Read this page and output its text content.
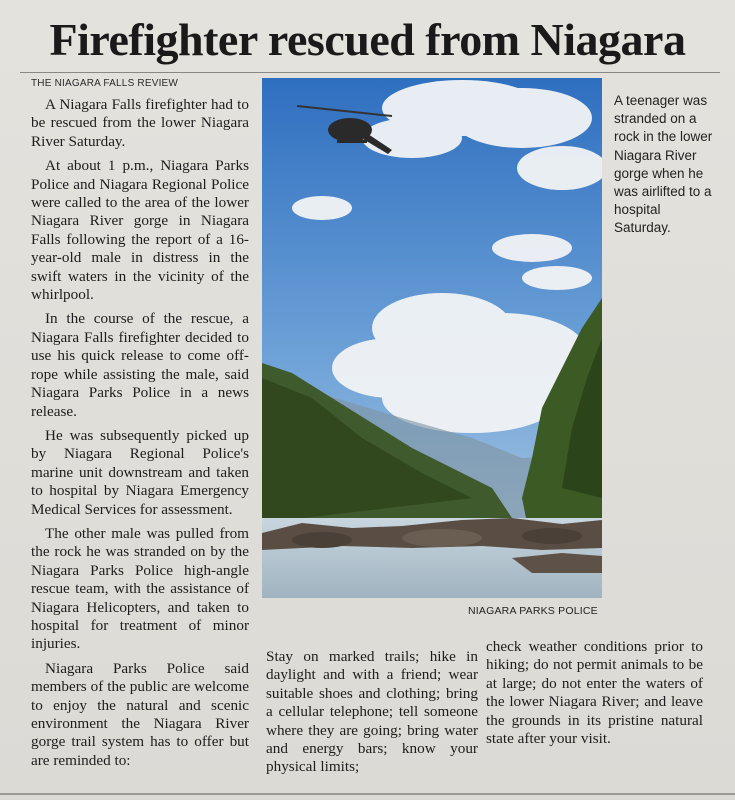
Firefighter rescued from Niagara
THE NIAGARA FALLS REVIEW

A Niagara Falls firefighter had to be rescued from the lower Niagara River Saturday.

At about 1 p.m., Niagara Parks Police and Niagara Regional Police were called to the area of the lower Niagara River gorge in Niagara Falls following the report of a 16-year-old male in distress in the swift waters in the vicinity of the whirlpool.

In the course of the rescue, a Niagara Falls firefighter decided to use his quick release to come off-rope while assisting the male, said Niagara Parks Police in a news release.

He was subsequently picked up by Niagara Regional Police's marine unit downstream and taken to hospital by Niagara Emergency Medical Services for assessment.

The other male was pulled from the rock he was stranded on by the Niagara Parks Police high-angle rescue team, with the assistance of Niagara Helicopters, and taken to hospital for treatment of minor injuries.

Niagara Parks Police said members of the public are welcome to enjoy the natural and scenic environment the Niagara River gorge trail system has to offer but are reminded to:

A teenager was stranded on a rock in the lower Niagara River gorge when he was airlifted to a hospital Saturday.
NIAGARA PARKS POLICE

Stay on marked trails; hike in daylight and with a friend; wear suitable shoes and clothing; bring a cellular telephone; tell someone where they are going; bring water and energy bars; know your physical limits;

check weather conditions prior to hiking; do not permit animals to be at large; do not enter the waters of the lower Niagara River; and leave the grounds in its pristine natural state after your visit.
